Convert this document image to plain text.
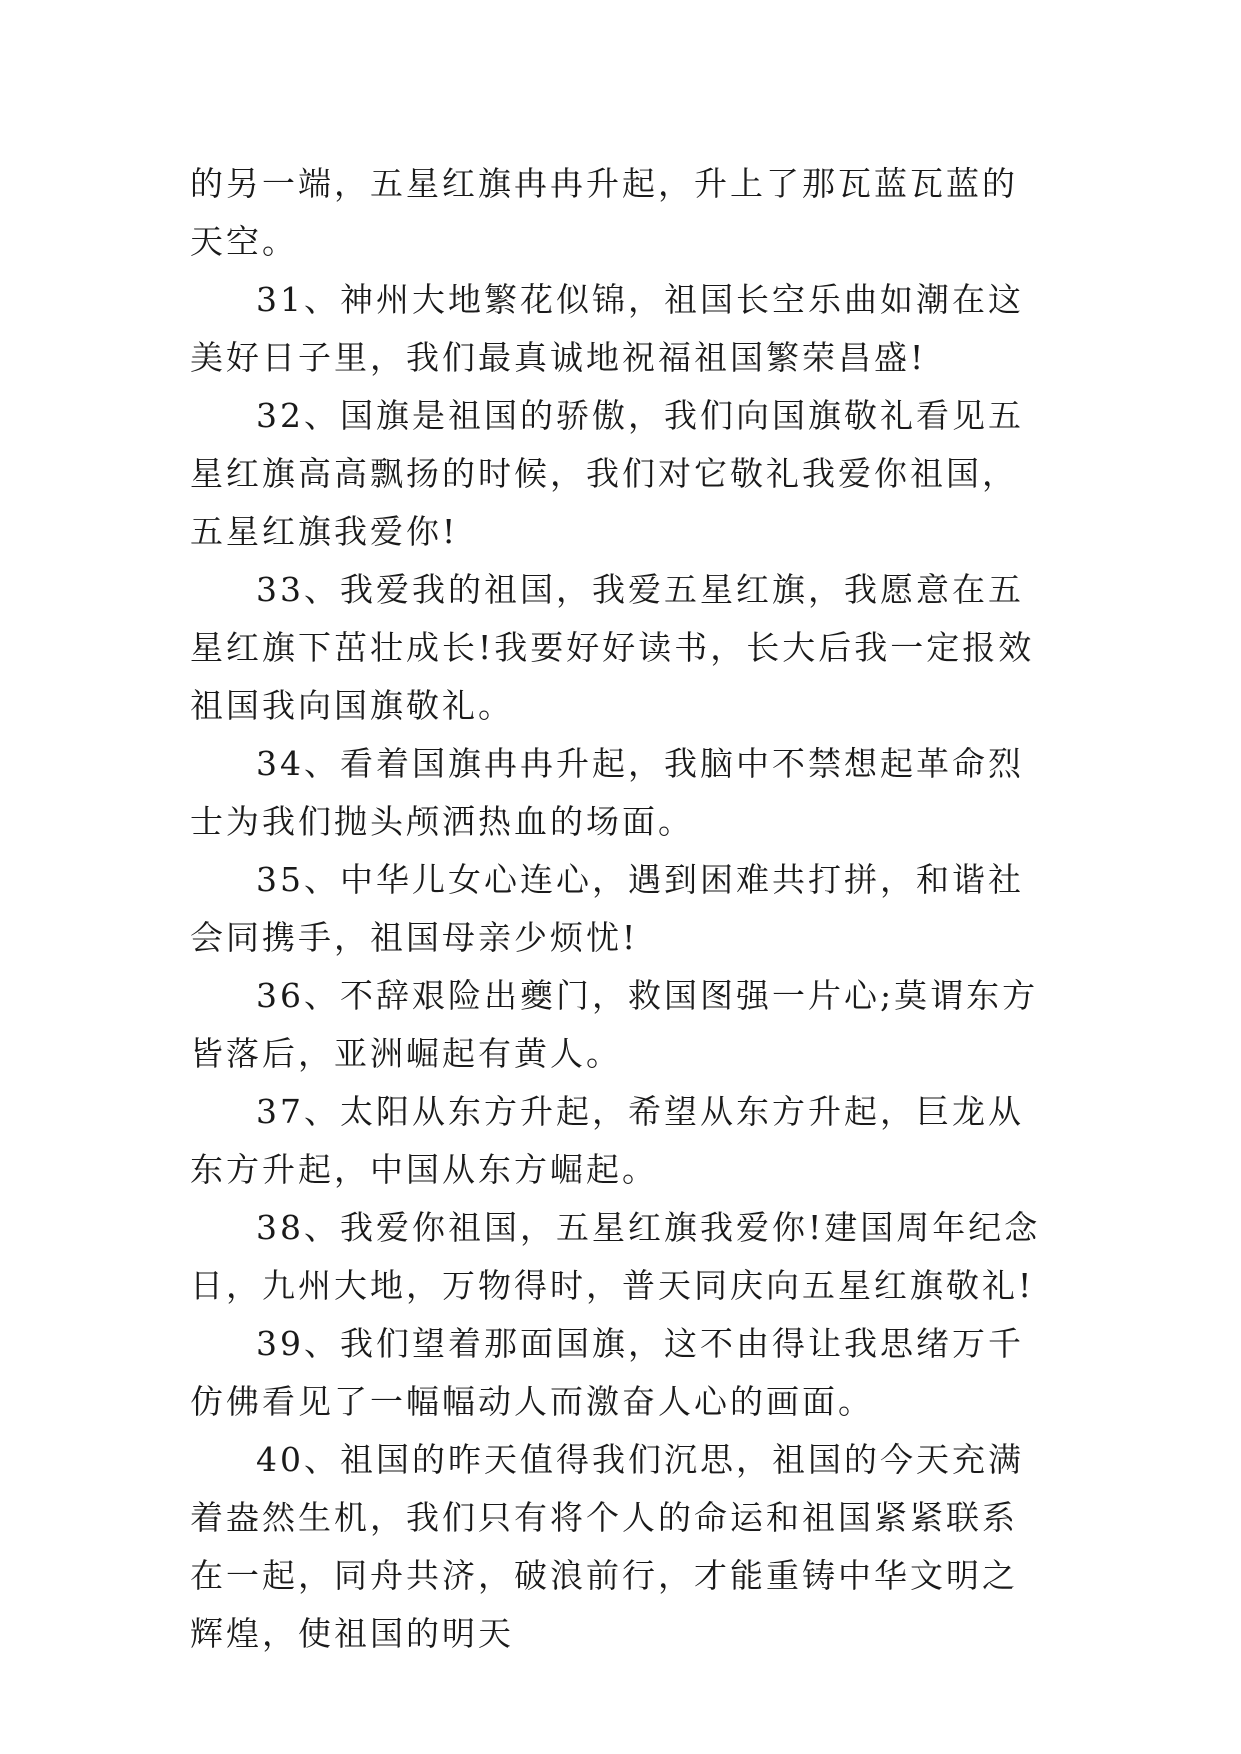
的另一端，五星红旗冉冉升起，升上了那瓦蓝瓦蓝的天空。

31、神州大地繁花似锦，祖国长空乐曲如潮在这美好日子里，我们最真诚地祝福祖国繁荣昌盛!

32、国旗是祖国的骄傲，我们向国旗敬礼看见五星红旗高高飘扬的时候，我们对它敬礼我爱你祖国，五星红旗我爱你!

33、我爱我的祖国，我爱五星红旗，我愿意在五星红旗下茁壮成长!我要好好读书，长大后我一定报效祖国我向国旗敬礼。

34、看着国旗冉冉升起，我脑中不禁想起革命烈士为我们抛头颅洒热血的场面。

35、中华儿女心连心，遇到困难共打拼，和谐社会同携手，祖国母亲少烦忧!

36、不辞艰险出夔门，救国图强一片心;莫谓东方皆落后，亚洲崛起有黄人。

37、太阳从东方升起，希望从东方升起，巨龙从东方升起，中国从东方崛起。

38、我爱你祖国，五星红旗我爱你!建国周年纪念日，九州大地，万物得时，普天同庆向五星红旗敬礼!

39、我们望着那面国旗，这不由得让我思绪万千仿佛看见了一幅幅动人而激奋人心的画面。

40、祖国的昨天值得我们沉思，祖国的今天充满着盎然生机，我们只有将个人的命运和祖国紧紧联系在一起，同舟共济，破浪前行，才能重铸中华文明之辉煌，使祖国的明天
